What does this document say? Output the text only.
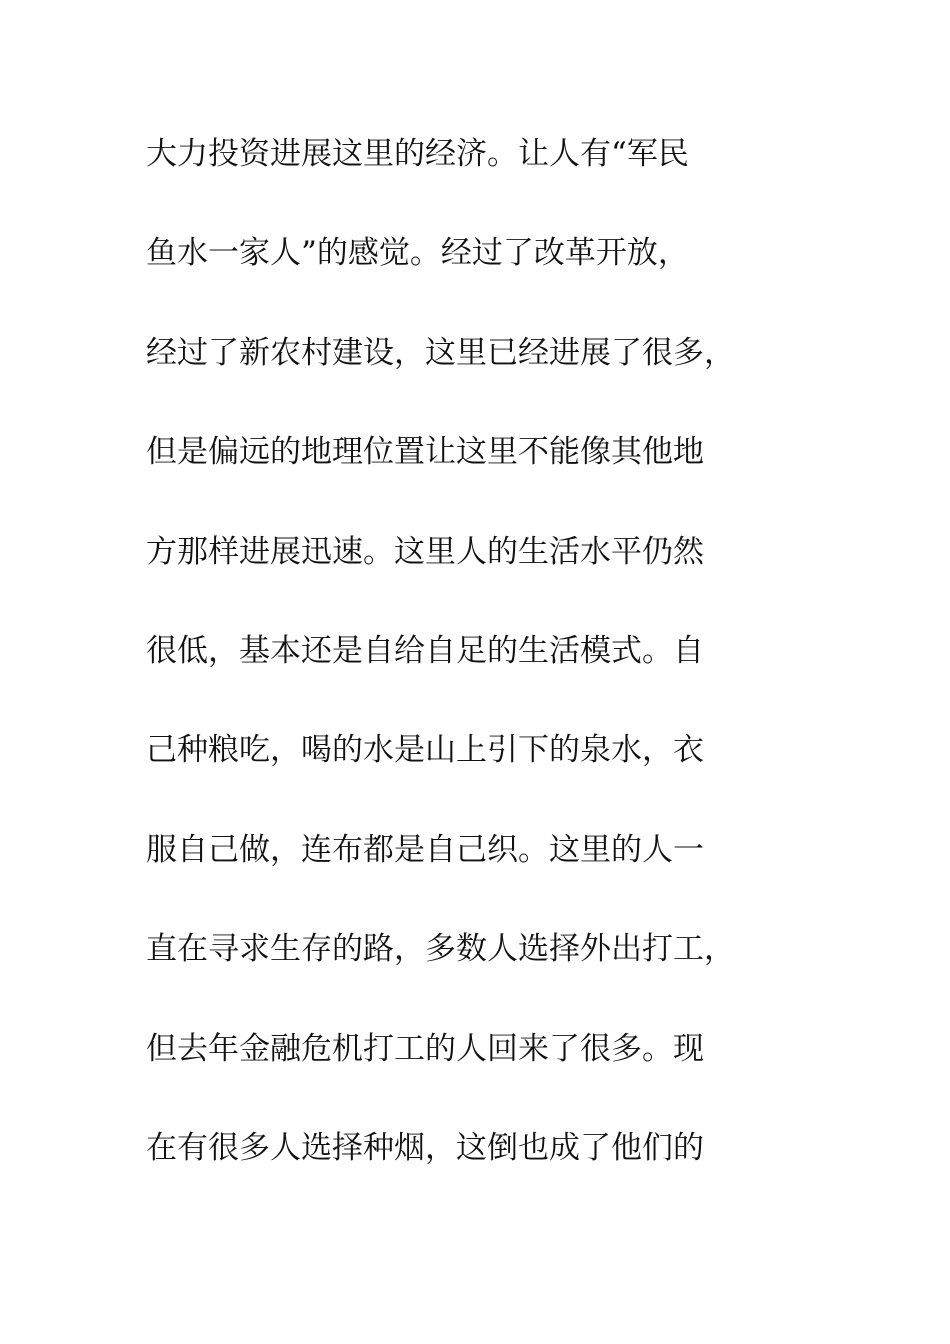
大力投资进展这里的经济。让人有“军民
鱼水一家人”的感觉。经过了改革开放，
经过了新农村建设，这里已经进展了很多，
但是偏远的地理位置让这里不能像其他地
方那样进展迅速。这里人的生活水平仍然
很低，基本还是自给自足的生活模式。自
己种粮吃，喝的水是山上引下的泉水，衣
服自己做，连布都是自己织。这里的人一
直在寻求生存的路，多数人选择外出打工，
但去年金融危机打工的人回来了很多。现
在有很多人选择种烟，这倒也成了他们的
